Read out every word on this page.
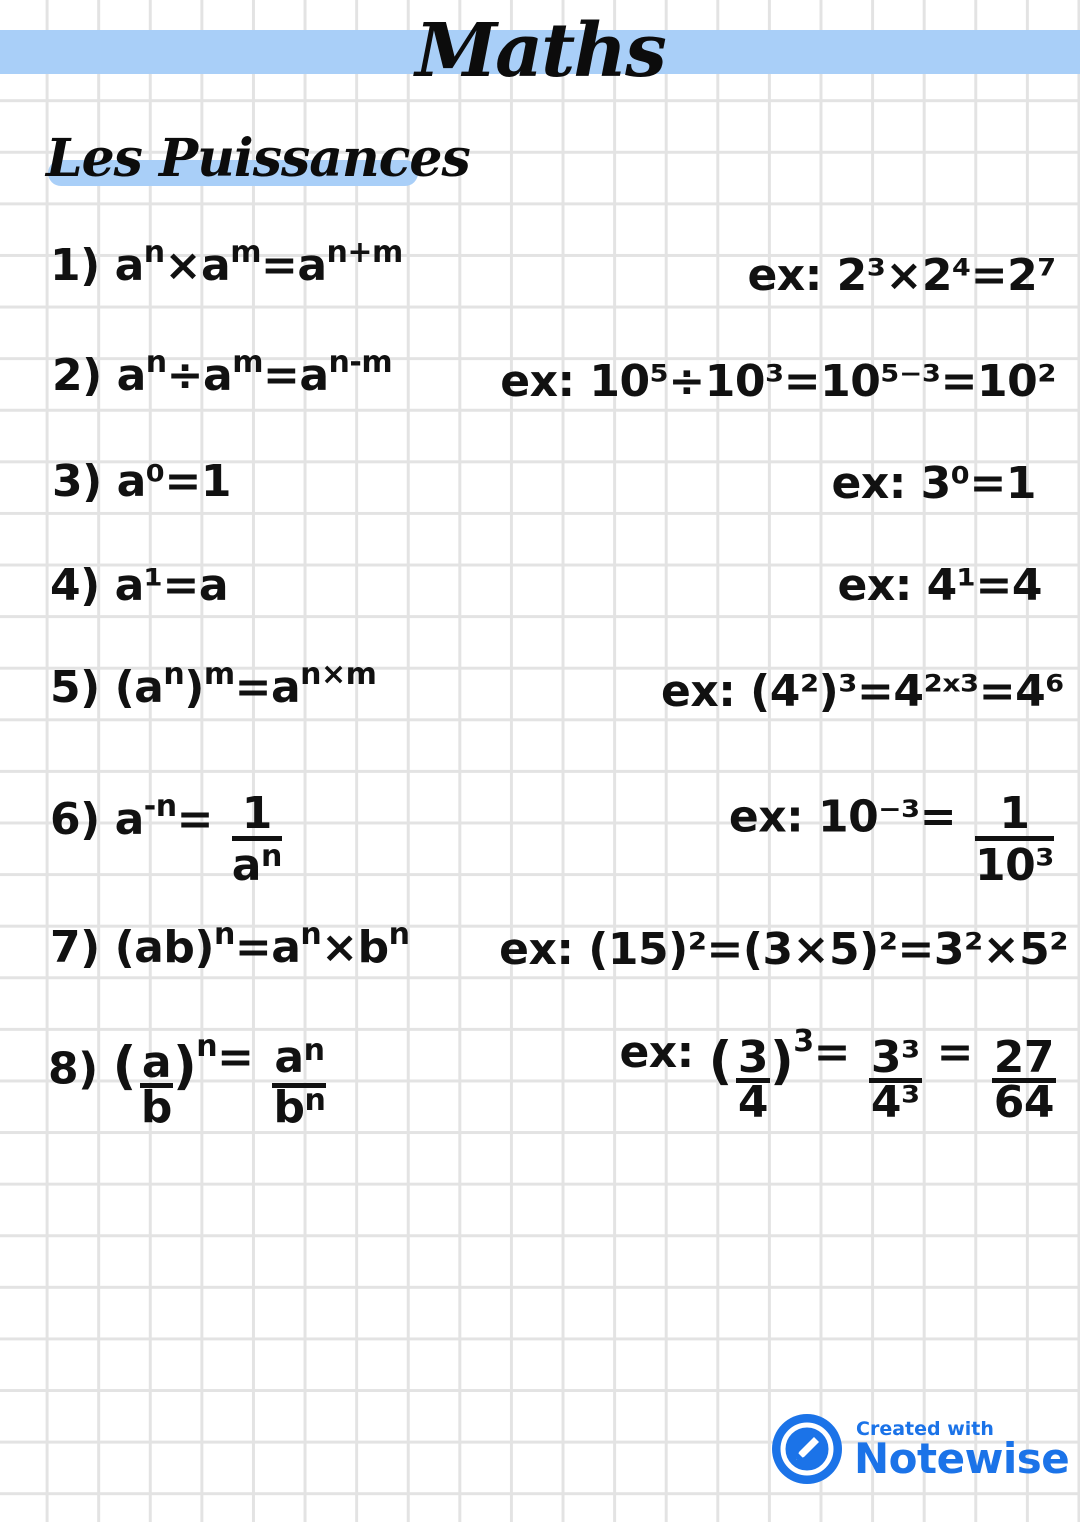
Maths
Les Puissances
1) $a^n\times a^m=a^{n+m}$
2) $a^n\div a^m=a^{n-m}$
3) a⁰=1
4) a¹=a
5) $(a^n)^m=a^{n\times m}$
6) $a^{-n}= \frac{1}{a^n}$
7) $(ab)^n=a^n\times b^n$
8) ( $\frac{a}{b} )^n= \frac{a^n}{b^n}$
ex: 2³×2⁴=2⁷
ex: 10⁵÷10³=10⁵⁻³=10²
ex: 3⁰=1
ex: 4¹=4
ex: (4²)³=4²ˣ³=4⁶
ex: $10^{-3}= \frac{1}{\text{10³}}$
ex: (15)²=(3×5)²=3²×5²
ex: ( $\frac{3}{4} )^3= \frac{\text{3³}}{\text{4³}} = \frac{27}{64}$
Created with
Notewise
